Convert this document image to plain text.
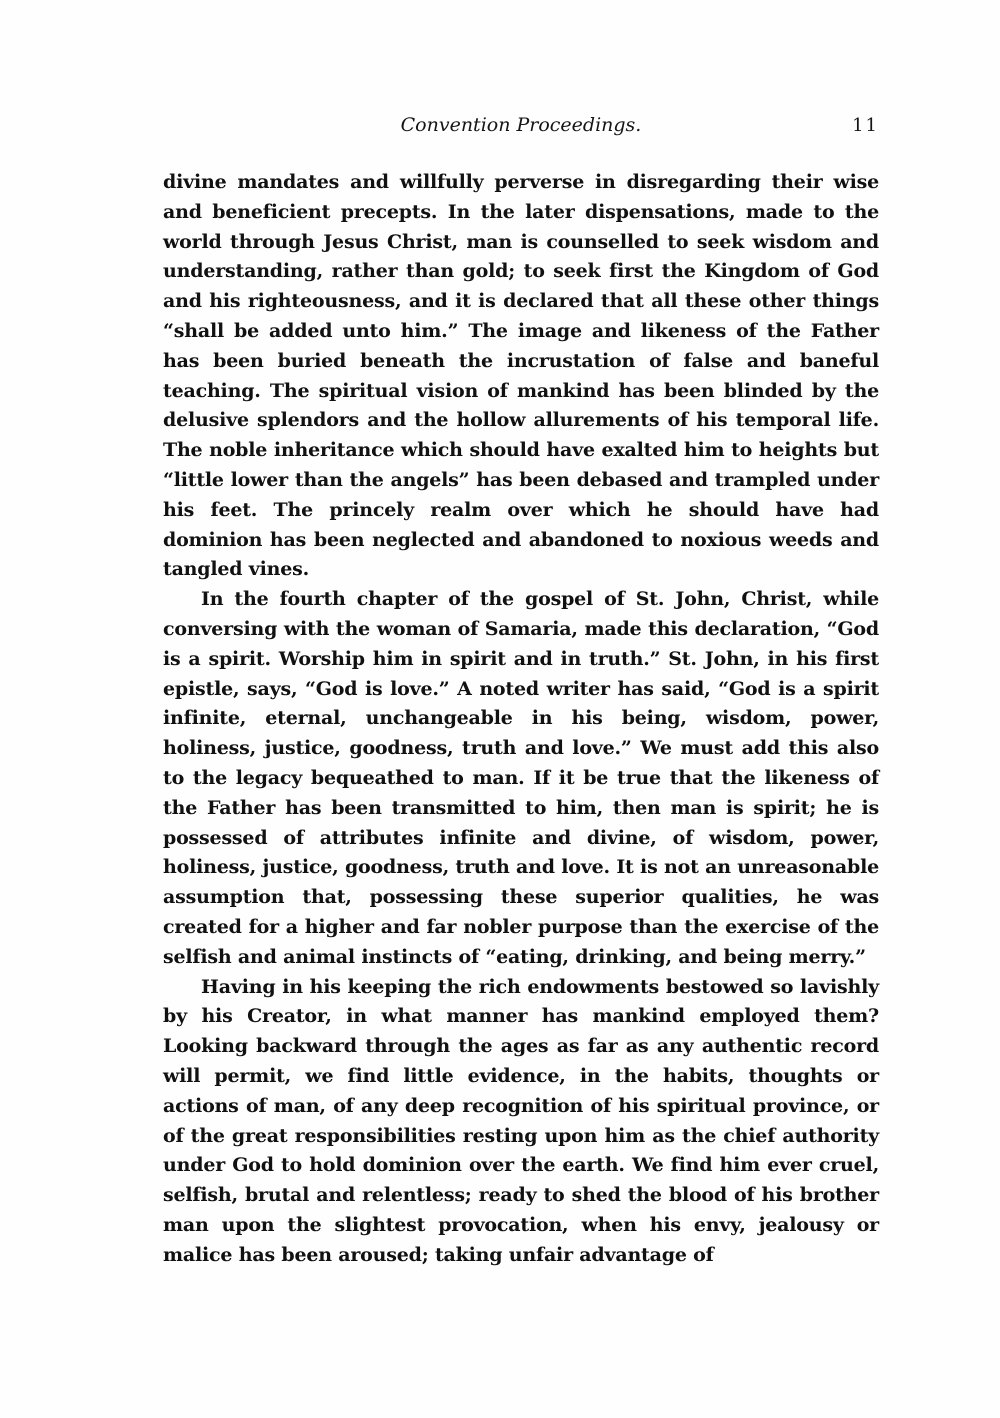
Convention Proceedings.	11

divine mandates and willfully perverse in disregarding their wise and beneficient precepts. In the later dispensations, made to the world through Jesus Christ, man is counselled to seek wisdom and understanding, rather than gold; to seek first the Kingdom of God and his righteousness, and it is declared that all these other things “shall be added unto him.” The image and likeness of the Father has been buried beneath the incrustation of false and baneful teaching. The spiritual vision of mankind has been blinded by the delusive splendors and the hollow allurements of his temporal life. The noble inheritance which should have exalted him to heights but “little lower than the angels” has been debased and trampled under his feet. The princely realm over which he should have had dominion has been neglected and abandoned to noxious weeds and tangled vines.

In the fourth chapter of the gospel of St. John, Christ, while conversing with the woman of Samaria, made this declaration, “God is a spirit. Worship him in spirit and in truth.” St. John, in his first epistle, says, “God is love.” A noted writer has said, “God is a spirit infinite, eternal, unchangeable in his being, wisdom, power, holiness, justice, goodness, truth and love.” We must add this also to the legacy bequeathed to man. If it be true that the likeness of the Father has been transmitted to him, then man is spirit; he is possessed of attributes infinite and divine, of wisdom, power, holiness, justice, goodness, truth and love. It is not an unreasonable assumption that, possessing these superior qualities, he was created for a higher and far nobler purpose than the exercise of the selfish and animal instincts of “eating, drinking, and being merry.”

Having in his keeping the rich endowments bestowed so lavishly by his Creator, in what manner has mankind employed them? Looking backward through the ages as far as any authentic record will permit, we find little evidence, in the habits, thoughts or actions of man, of any deep recognition of his spiritual province, or of the great responsibilities resting upon him as the chief authority under God to hold dominion over the earth. We find him ever cruel, selfish, brutal and relentless; ready to shed the blood of his brother man upon the slightest provocation, when his envy, jealousy or malice has been aroused; taking unfair advantage of
